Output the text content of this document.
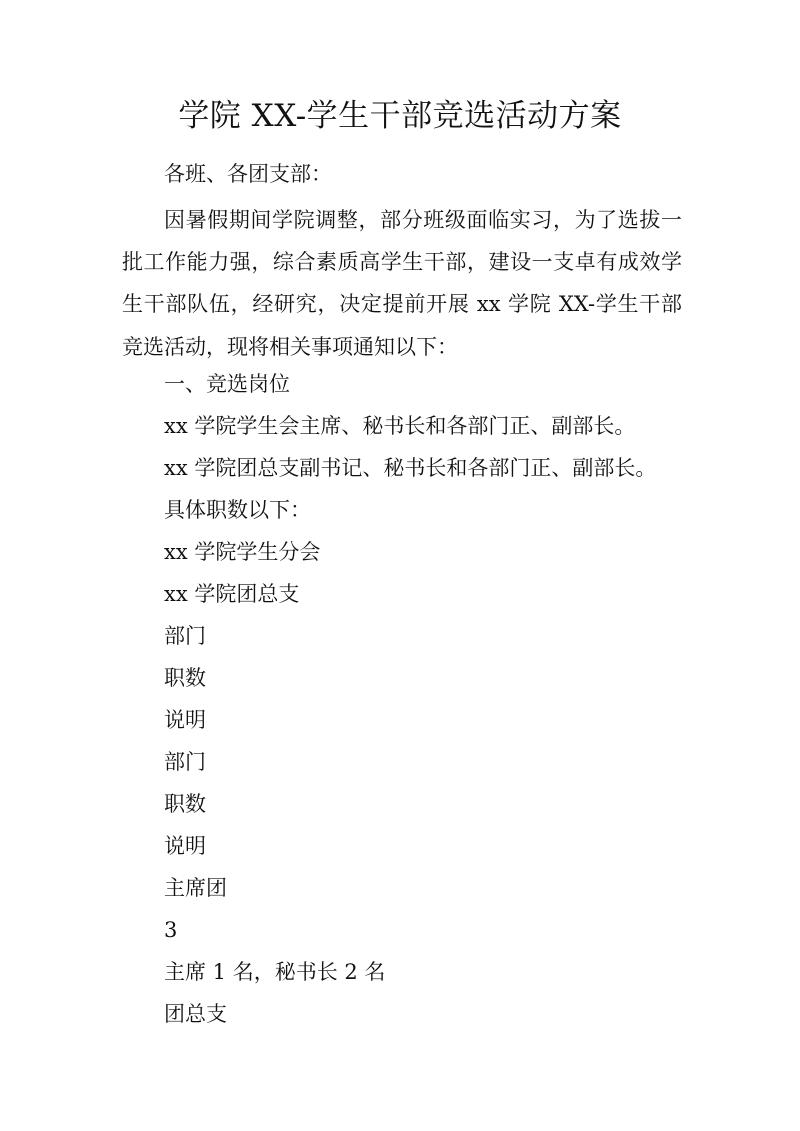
学院 XX-学生干部竞选活动方案
各班、各团支部：

因暑假期间学院调整，部分班级面临实习，为了选拔一批工作能力强，综合素质高学生干部，建设一支卓有成效学生干部队伍，经研究，决定提前开展 xx 学院 XX-学生干部竞选活动，现将相关事项通知以下：

一、竞选岗位
xx 学院学生会主席、秘书长和各部门正、副部长。
xx 学院团总支副书记、秘书长和各部门正、副部长。
具体职数以下：
xx 学院学生分会
xx 学院团总支
部门
职数
说明
部门
职数
说明
主席团
3
主席 1 名，秘书长 2 名
团总支
